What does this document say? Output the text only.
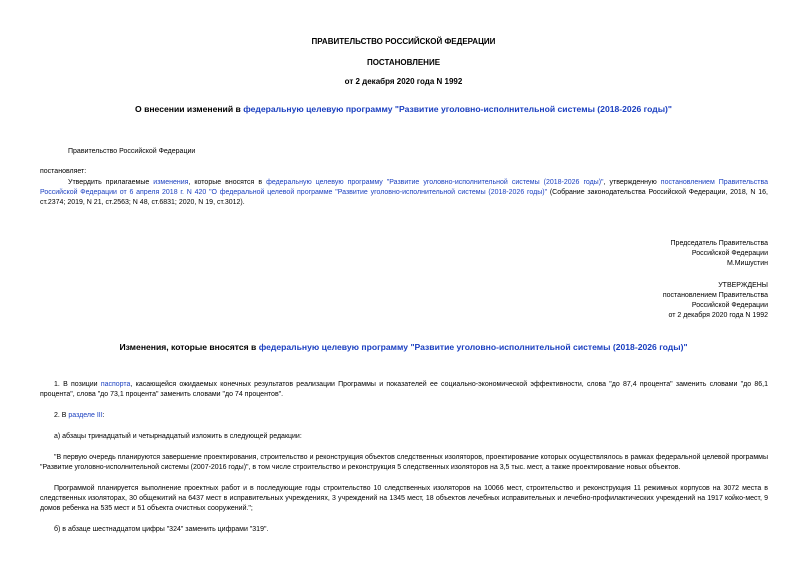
ПРАВИТЕЛЬСТВО РОССИЙСКОЙ ФЕДЕРАЦИИ
ПОСТАНОВЛЕНИЕ
от 2 декабря 2020 года N 1992
О внесении изменений в федеральную целевую программу "Развитие уголовно-исполнительной системы (2018-2026 годы)"
Правительство Российской Федерации
постановляет:
Утвердить прилагаемые изменения, которые вносятся в федеральную целевую программу "Развитие уголовно-исполнительной системы (2018-2026 годы)", утвержденную постановлением Правительства Российской Федерации от 6 апреля 2018 г. N 420 "О федеральной целевой программе "Развитие уголовно-исполнительной системы (2018-2026 годы)" (Собрание законодательства Российской Федерации, 2018, N 16, ст.2374; 2019, N 21, ст.2563; N 48, ст.6831; 2020, N 19, ст.3012).

Председатель Правительства

Российской Федерации

М.Мишустин

УТВЕРЖДЕНЫ

постановлением Правительства

Российской Федерации

от 2 декабря 2020 года N 1992

Изменения, которые вносятся в федеральную целевую программу "Развитие уголовно-исполнительной системы (2018-2026 годы)"
1. В позиции паспорта, касающейся ожидаемых конечных результатов реализации Программы и показателей ее социально-экономической эффективности, слова "до 87,4 процента" заменить словами "до 86,1 процента", слова "до 73,1 процента" заменить словами "до 74 процентов".
2. В разделе III:
а) абзацы тринадцатый и четырнадцатый изложить в следующей редакции:
"В первую очередь планируются завершение проектирования, строительство и реконструкция объектов следственных изоляторов, проектирование которых осуществлялось в рамках федеральной целевой программы "Развитие уголовно-исполнительной системы (2007-2016 годы)", в том числе строительство и реконструкция 5 следственных изоляторов на 3,5 тыс. мест, а также проектирование новых объектов.
Программой планируется выполнение проектных работ и в последующие годы строительство 10 следственных изоляторов на 10066 мест, строительство и реконструкция 11 режимных корпусов на 3072 места в следственных изоляторах, 30 общежитий на 6437 мест в исправительных учреждениях, 3 учреждений на 1345 мест, 18 объектов лечебных исправительных и лечебно-профилактических учреждений на 1917 койко-мест, 9 домов ребенка на 535 мест и 51 объекта очистных сооружений.";
б) в абзаце шестнадцатом цифры "324" заменить цифрами "319".
